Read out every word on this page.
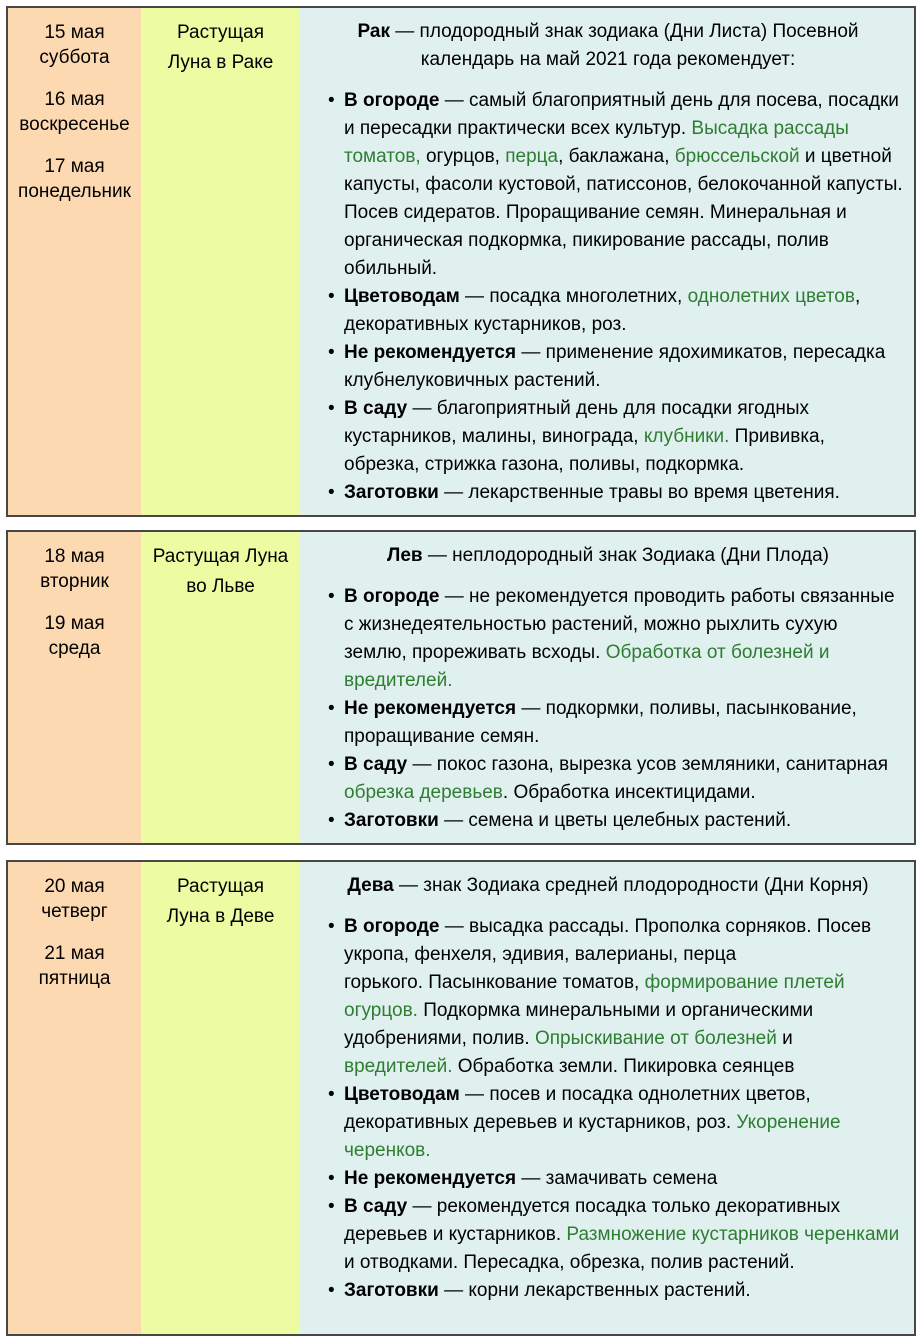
15 мая
суббота
16 мая
воскресенье
17 мая
понедельник

Растущая
Луна в Раке

Рак — плодородный знак зодиака (Дни Листа) Посевной календарь на май 2021 года рекомендует:
• В огороде — самый благоприятный день для посева, посадки и пересадки практически всех культур. Высадка рассады томатов, огурцов, перца, баклажана, брюссельской и цветной капусты, фасоли кустовой, патиссонов, белокочанной капусты. Посев сидератов. Проращивание семян. Минеральная и органическая подкормка, пикирование рассады, полив обильный.
• Цветоводам — посадка многолетних, однолетних цветов, декоративных кустарников, роз.
• Не рекомендуется — применение ядохимикатов, пересадка клубнелуковичных растений.
• В саду — благоприятный день для посадки ягодных кустарников, малины, винограда, клубники. Прививка, обрезка, стрижка газона, поливы, подкормка.
• Заготовки — лекарственные травы во время цветения.
18 мая
вторник
19 мая
среда

Растущая Луна
во Льве

Лев — неплодородный знак Зодиака (Дни Плода)
• В огороде — не рекомендуется проводить работы связанные с жизнедеятельностью растений, можно рыхлить сухую землю, прореживать всходы. Обработка от болезней и вредителей.
• Не рекомендуется — подкормки, поливы, пасынкование, проращивание семян.
• В саду — покос газона, вырезка усов земляники, санитарная обрезка деревьев. Обработка инсектицидами.
• Заготовки — семена и цветы целебных растений.
20 мая
четверг
21 мая
пятница

Растущая
Луна в Деве

Дева — знак Зодиака средней плодородности (Дни Корня)
• В огороде — высадка рассады. Прополка сорняков. Посев укропа, фенхеля, эдивия, валерианы, перца
горького. Пасынкование томатов, формирование плетей огурцов. Подкормка минеральными и органическими удобрениями, полив. Опрыскивание от болезней и вредителей. Обработка земли. Пикировка сеянцев
• Цветоводам — посев и посадка однолетних цветов, декоративных деревьев и кустарников, роз. Укоренение черенков.
• Не рекомендуется — замачивать семена
• В саду — рекомендуется посадка только декоративных деревьев и кустарников. Размножение кустарников черенками и отводками. Пересадка, обрезка, полив растений.
• Заготовки — корни лекарственных растений.
